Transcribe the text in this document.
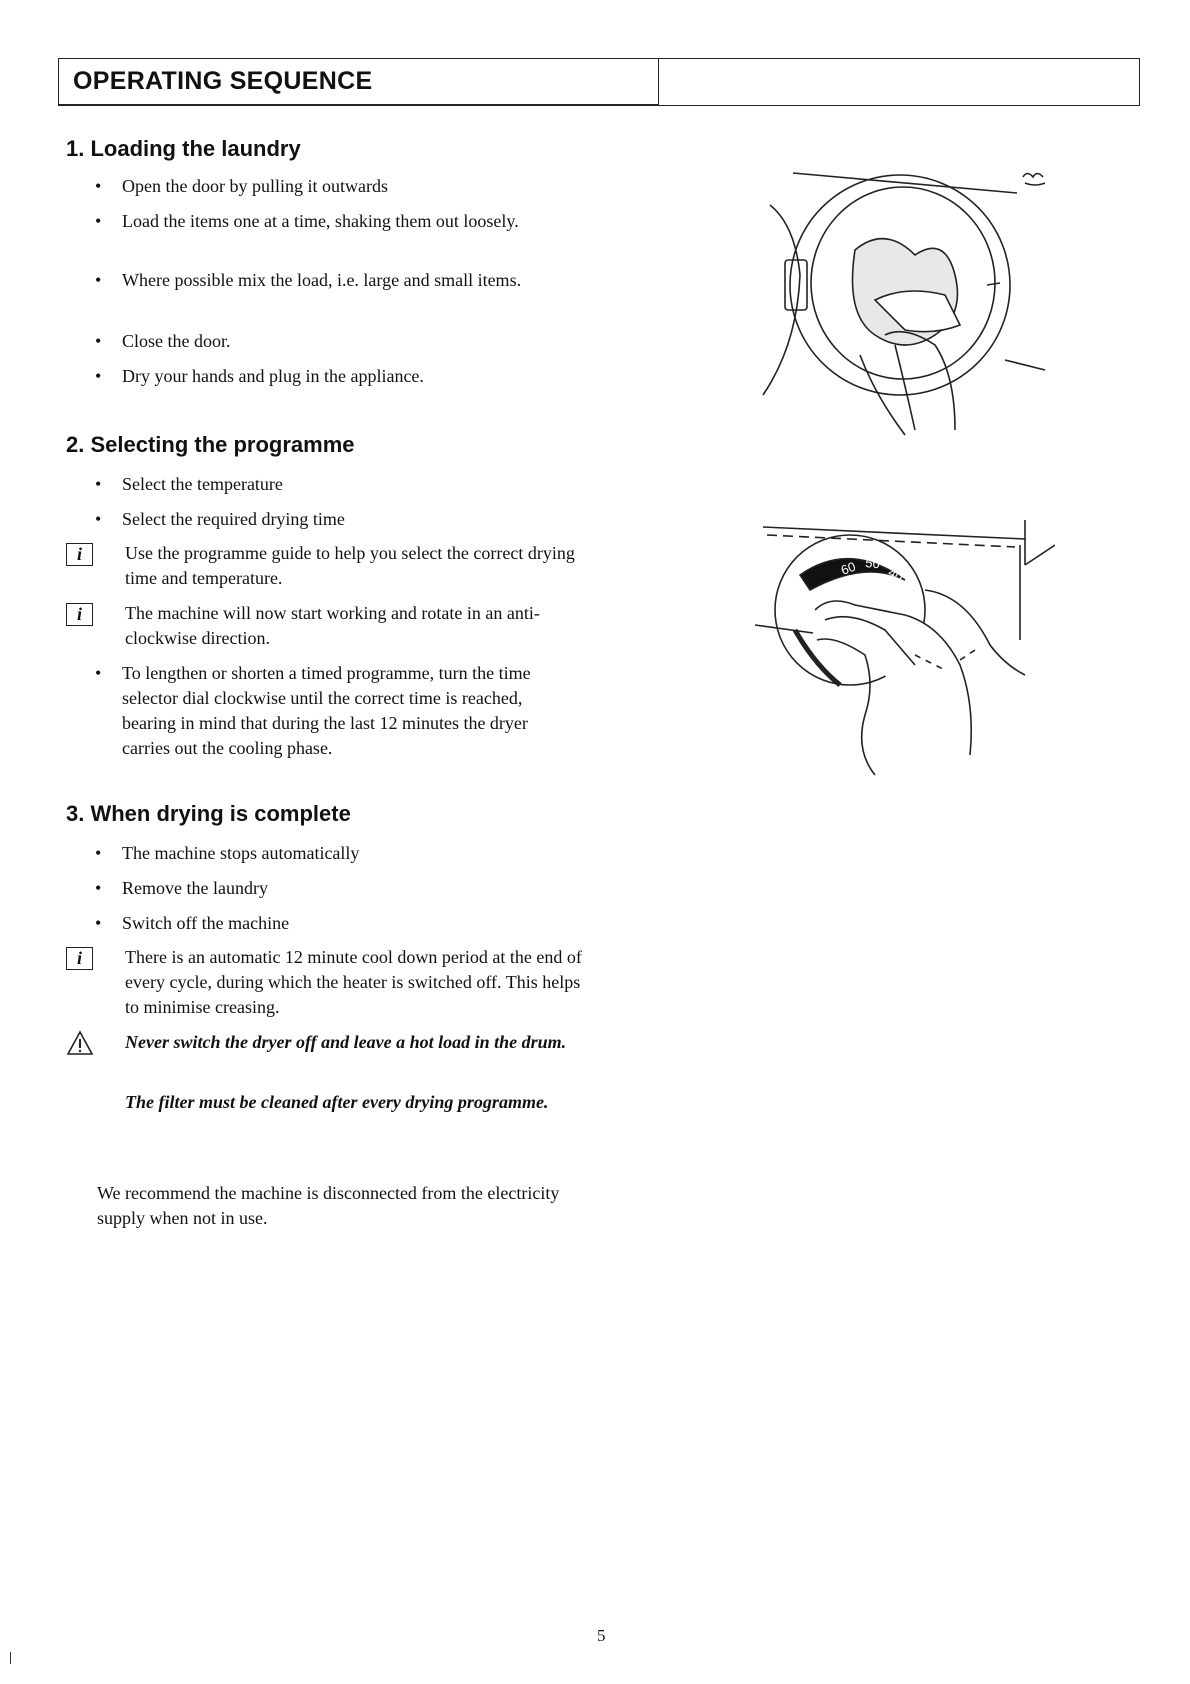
OPERATING SEQUENCE
1. Loading the laundry
•	Open the door by pulling it outwards
•	Load the items one at a time, shaking them out loosely.
•	Where possible mix the load, i.e. large and small items.
•	Close the door.
•	Dry your hands and plug in the appliance.
2. Selecting the programme
•	Select the temperature
•	Select the required drying time
i	Use the programme guide to help you select the correct drying time and temperature.
i	The machine will now start working and rotate in an anti-clockwise direction.
•	To lengthen or shorten a timed programme, turn the time selector dial clockwise until the correct time is reached, bearing in mind that during the last 12 minutes the dryer carries out the cooling phase.
3. When drying is complete
•	The machine stops automatically
•	Remove the laundry
•	Switch off the machine
i	There is an automatic 12 minute cool down period at the end of every cycle, during which the heater is switched off. This helps to minimise creasing.
Never switch the dryer off and leave a hot load in the drum.
The filter must be cleaned after every drying programme.
We recommend the machine is disconnected from the electricity supply when not in use.
60 50
40
5
